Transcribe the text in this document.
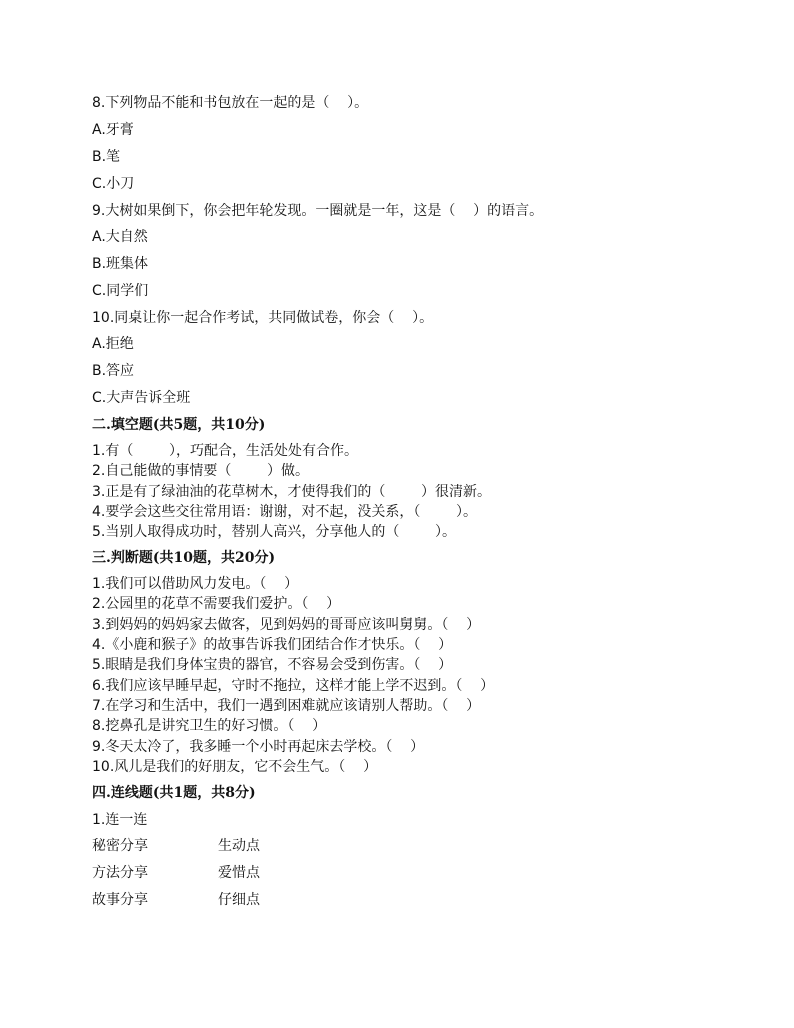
8.下列物品不能和书包放在一起的是（    ）。
A.牙膏
B.笔
C.小刀
9.大树如果倒下，你会把年轮发现。一圈就是一年，这是（    ）的语言。
A.大自然
B.班集体
C.同学们
10.同桌让你一起合作考试，共同做试卷，你会（    ）。
A.拒绝
B.答应
C.大声告诉全班
二.填空题(共5题，共10分)
1.有（        ），巧配合，生活处处有合作。
2.自己能做的事情要（        ）做。
3.正是有了绿油油的花草树木，才使得我们的（        ）很清新。
4.要学会这些交往常用语：谢谢，对不起，没关系，（        ）。
5.当别人取得成功时，替别人高兴，分享他人的（        ）。
三.判断题(共10题，共20分)
1.我们可以借助风力发电。（    ）
2.公园里的花草不需要我们爱护。（    ）
3.到妈妈的妈妈家去做客，见到妈妈的哥哥应该叫舅舅。（    ）
4.《小鹿和猴子》的故事告诉我们团结合作才快乐。（    ）
5.眼睛是我们身体宝贵的器官，不容易会受到伤害。（    ）
6.我们应该早睡早起，守时不拖拉，这样才能上学不迟到。（    ）
7.在学习和生活中，我们一遇到困难就应该请别人帮助。（    ）
8.挖鼻孔是讲究卫生的好习惯。（    ）
9.冬天太冷了，我多睡一个小时再起床去学校。（    ）
10.风儿是我们的好朋友，它不会生气。（    ）
四.连线题(共1题，共8分)
1.连一连
秘密分享	生动点
方法分享	爱惜点
故事分享	仔细点
